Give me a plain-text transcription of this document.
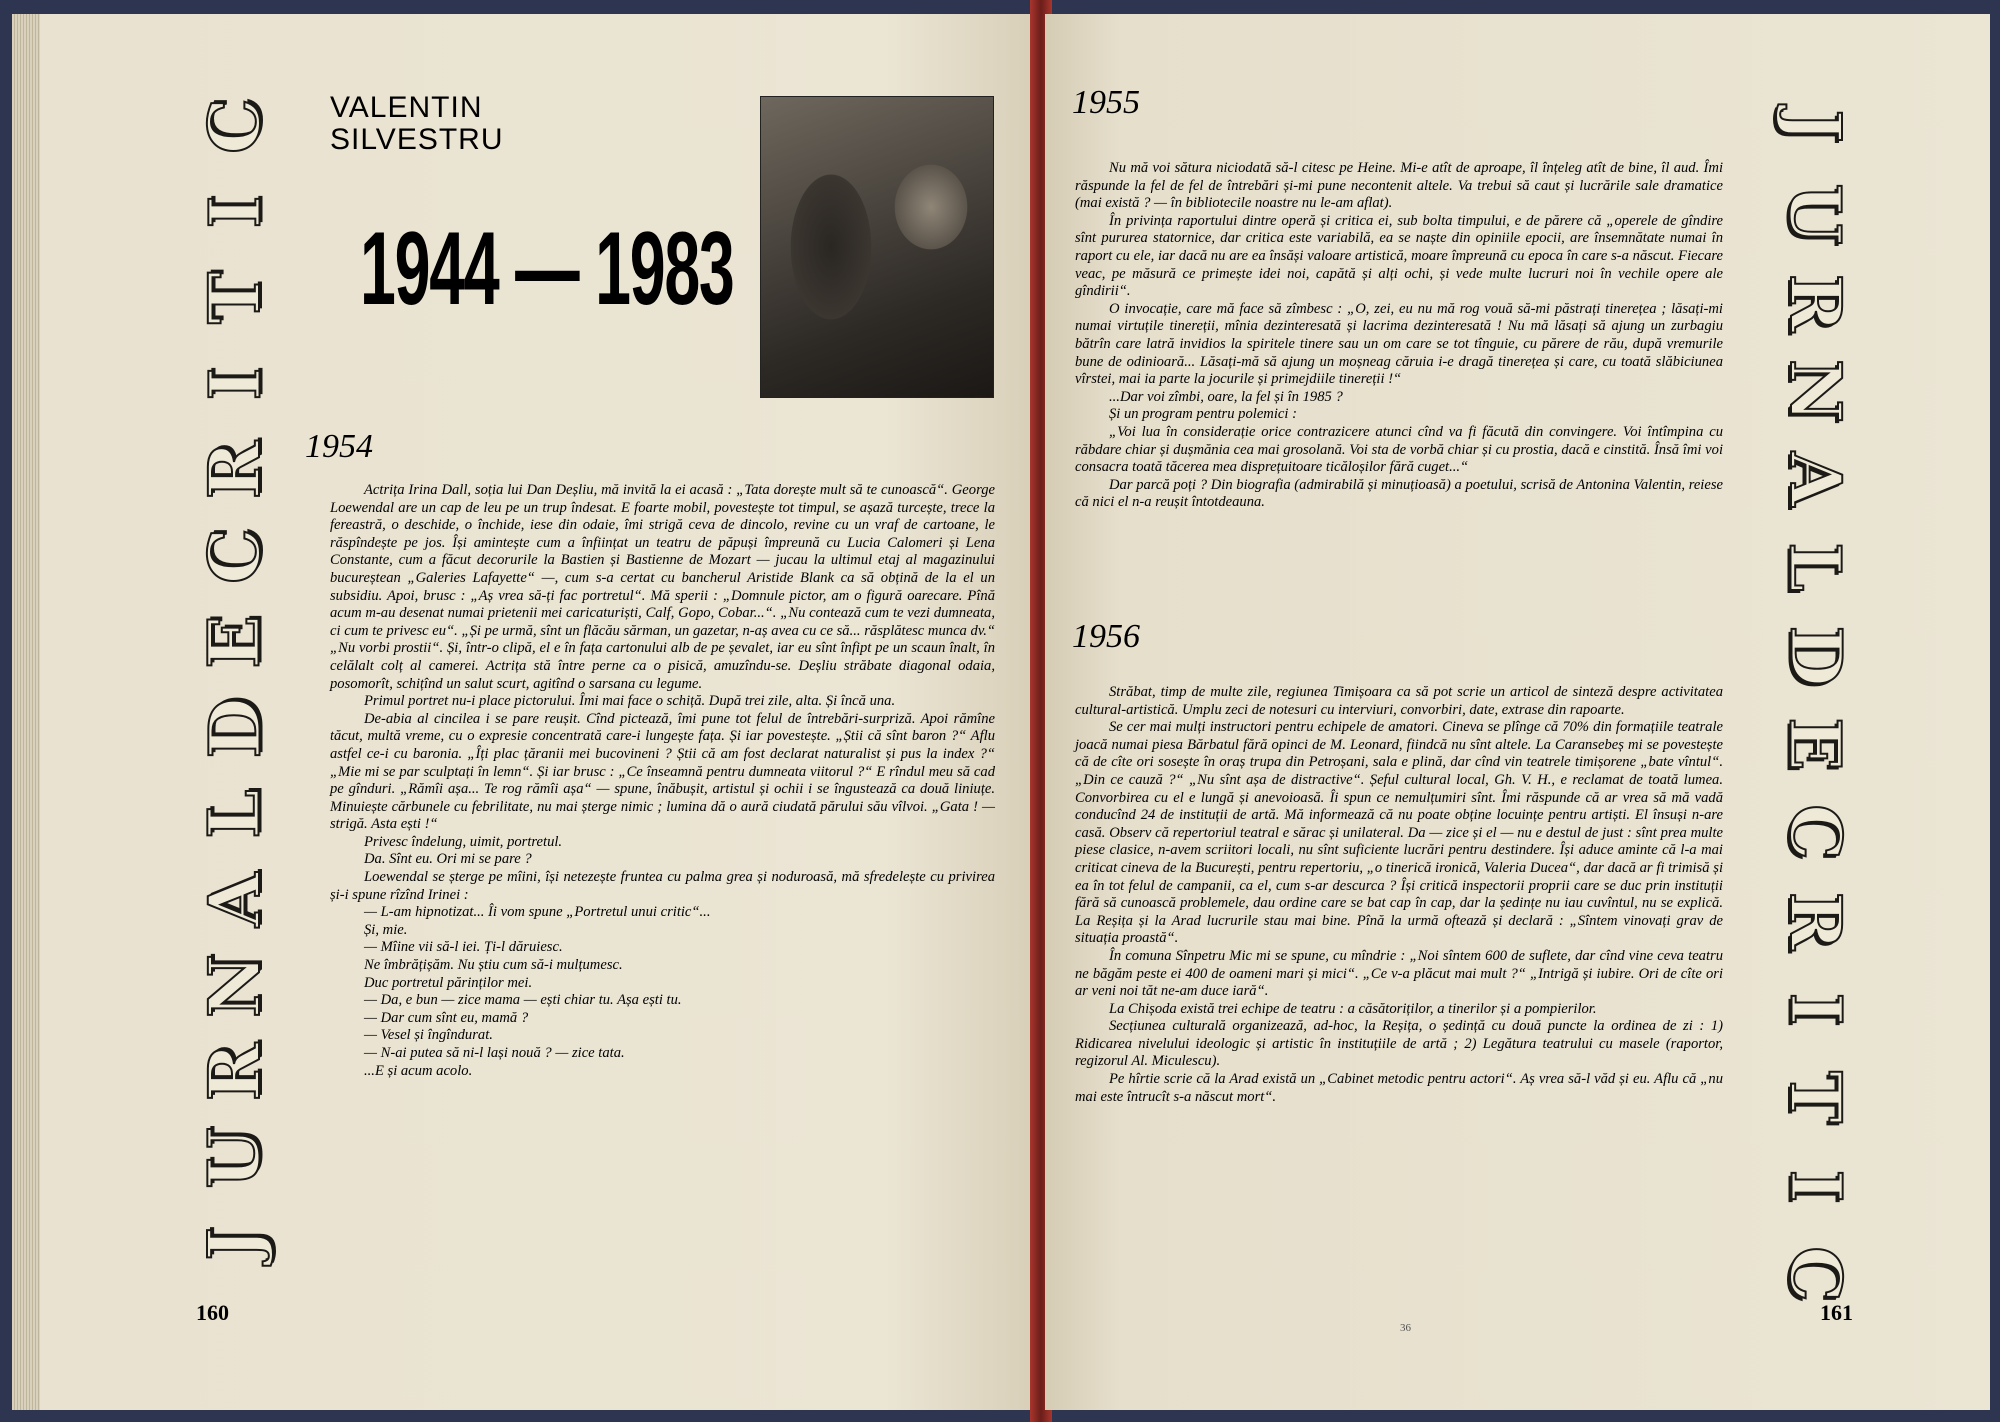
C
I
T
I
R
C
E
D
L
A
N
R
U
J
VALENTIN
SILVESTRU
1944 — 1983
1954

Actrița Irina Dall, soția lui Dan Deșliu, mă invită la ei acasă : „Tata dorește mult să te cunoască“. George Loewendal are un cap de leu pe un trup îndesat. E foarte mobil, povestește tot timpul, se așază turcește, trece la fereastră, o deschide, o închide, iese din odaie, îmi strigă ceva de dincolo, revine cu un vraf de cartoane, le răspîndește pe jos. Își amintește cum a înființat un teatru de păpuși împreună cu Lucia Calomeri și Lena Constante, cum a făcut decorurile la Bastien și Bastienne de Mozart — jucau la ultimul etaj al magazinului bucureștean „Galeries Lafayette“ —, cum s-a certat cu bancherul Aristide Blank ca să obțină de la el un subsidiu. Apoi, brusc : „Aș vrea să-ți fac portretul“. Mă sperii : „Domnule pictor, am o figură oarecare. Pînă acum m-au desenat numai prietenii mei caricaturiști, Calf, Gopo, Cobar...“. „Nu contează cum te vezi dumneata, ci cum te privesc eu“. „Și pe urmă, sînt un flăcău sărman, un gazetar, n-aș avea cu ce să... răsplătesc munca dv.“ „Nu vorbi prostii“. Și, într-o clipă, el e în fața cartonului alb de pe șevalet, iar eu sînt înfipt pe un scaun înalt, în celălalt colț al camerei. Actrița stă între perne ca o pisică, amuzîndu-se. Deșliu străbate diagonal odaia, posomorît, schițînd un salut scurt, agitînd o sarsana cu legume.

Primul portret nu-i place pictorului. Îmi mai face o schiță. După trei zile, alta. Și încă una.

De-abia al cincilea i se pare reușit. Cînd pictează, îmi pune tot felul de întrebări-surpriză. Apoi rămîne tăcut, multă vreme, cu o expresie concentrată care-i lungește fața. Și iar povestește. „Știi că sînt baron ?“ Aflu astfel ce-i cu baronia. „Îți plac țăranii mei bucovineni ? Știi că am fost declarat naturalist și pus la index ?“ „Mie mi se par sculptați în lemn“. Și iar brusc : „Ce înseamnă pentru dumneata viitorul ?“ E rîndul meu să cad pe gînduri. „Rămîi așa... Te rog rămîi așa“ — spune, înăbușit, artistul și ochii i se îngustează ca două liniuțe. Minuiește cărbunele cu febrilitate, nu mai șterge nimic ; lumina dă o aură ciudată părului său vîlvoi. „Gata ! — strigă. Asta ești !“

Privesc îndelung, uimit, portretul.

Da. Sînt eu. Ori mi se pare ?

Loewendal se șterge pe mîini, își netezește fruntea cu palma grea și noduroasă, mă sfredelește cu privirea și-i spune rîzînd Irinei :

— L-am hipnotizat... Îi vom spune „Portretul unui critic“...

Și, mie.

— Mîine vii să-l iei. Ți-l dăruiesc.

Ne îmbrățișăm. Nu știu cum să-i mulțumesc.

Duc portretul părinților mei.

— Da, e bun — zice mama — ești chiar tu. Așa ești tu.

— Dar cum sînt eu, mamă ?

— Vesel și îngîndurat.

— N-ai putea să ni-l lași nouă ? — zice tata.

...E și acum acolo.

160
1955

Nu mă voi sătura niciodată să-l citesc pe Heine. Mi-e atît de aproape, îl înțeleg atît de bine, îl aud. Îmi răspunde la fel de fel de întrebări și-mi pune necontenit altele. Va trebui să caut și lucrările sale dramatice (mai există ? — în bibliotecile noastre nu le-am aflat).

În privința raportului dintre operă și critica ei, sub bolta timpului, e de părere că „operele de gîndire sînt pururea statornice, dar critica este variabilă, ea se naște din opiniile epocii, are însemnătate numai în raport cu ele, iar dacă nu are ea însăși valoare artistică, moare împreună cu epoca în care s-a născut. Fiecare veac, pe măsură ce primește idei noi, capătă și alți ochi, și vede multe lucruri noi în vechile opere ale gîndirii“.

O invocație, care mă face să zîmbesc : „O, zei, eu nu mă rog vouă să-mi păstrați tinerețea ; lăsați-mi numai virtuțile tinereții, mînia dezinteresată și lacrima dezinteresată ! Nu mă lăsați să ajung un zurbagiu bătrîn care latră invidios la spiritele tinere sau un om care se tot tînguie, cu părere de rău, după vremurile bune de odinioară... Lăsați-mă să ajung un moșneag căruia i-e dragă tinerețea și care, cu toată slăbiciunea vîrstei, mai ia parte la jocurile și primejdiile tinereții !“

...Dar voi zîmbi, oare, la fel și în 1985 ?

Și un program pentru polemici :

„Voi lua în considerație orice contrazicere atunci cînd va fi făcută din convingere. Voi întîmpina cu răbdare chiar și dușmănia cea mai grosolană. Voi sta de vorbă chiar și cu prostia, dacă e cinstită. Însă îmi voi consacra toată tăcerea mea disprețuitoare ticăloșilor fără cuget...“

Dar parcă poți ? Din biografia (admirabilă și minuțioasă) a poetului, scrisă de Antonina Valentin, reiese că nici el n-a reușit întotdeauna.

1956

Străbat, timp de multe zile, regiunea Timișoara ca să pot scrie un articol de sinteză despre activitatea cultural-artistică. Umplu zeci de notesuri cu interviuri, convorbiri, date, extrase din rapoarte.

Se cer mai mulți instructori pentru echipele de amatori. Cineva se plînge că 70% din formațiile teatrale joacă numai piesa Bărbatul fără opinci de M. Leonard, fiindcă nu sînt altele. La Caransebeș mi se povestește că de cîte ori sosește în oraș trupa din Petroșani, sala e plină, dar cînd vin teatrele timișorene „bate vîntul“. „Din ce cauză ?“ „Nu sînt așa de distractive“. Șeful cultural local, Gh. V. H., e reclamat de toată lumea. Convorbirea cu el e lungă și anevoioasă. Îi spun ce nemulțumiri sînt. Îmi răspunde că ar vrea să mă vadă conducînd 24 de instituții de artă. Mă informează că nu poate obține locuințe pentru artiști. El însuși n-are casă. Observ că repertoriul teatral e sărac și unilateral. Da — zice și el — nu e destul de just : sînt prea multe piese clasice, n-avem scriitori locali, nu sînt suficiente lucrări pentru destindere. Își aduce aminte că l-a mai criticat cineva de la București, pentru repertoriu, „o tinerică ironică, Valeria Ducea“, dar dacă ar fi trimisă și ea în tot felul de campanii, ca el, cum s-ar descurca ? Își critică inspectorii proprii care se duc prin instituții fără să cunoască problemele, dau ordine care se bat cap în cap, dar la ședințe nu iau cuvîntul, nu se explică. La Reșița și la Arad lucrurile stau mai bine. Pînă la urmă oftează și declară : „Sîntem vinovați grav de situația proastă“.

În comuna Sînpetru Mic mi se spune, cu mîndrie : „Noi sîntem 600 de suflete, dar cînd vine ceva teatru ne băgăm peste ei 400 de oameni mari și mici“. „Ce v-a plăcut mai mult ?“ „Intrigă și iubire. Ori de cîte ori ar veni noi tăt ne-am duce iară“.

La Chișoda există trei echipe de teatru : a căsătoriților, a tinerilor și a pompierilor.

Secțiunea culturală organizează, ad-hoc, la Reșița, o ședință cu două puncte la ordinea de zi : 1) Ridicarea nivelului ideologic și artistic în instituțiile de artă ; 2) Legătura teatrului cu masele (raportor, regizorul Al. Miculescu).

Pe hîrtie scrie că la Arad există un „Cabinet metodic pentru actori“. Aș vrea să-l văd și eu. Aflu că „nu mai este întrucît s-a născut mort“.

J
U
R
N
A
L
D
E
C
R
I
T
I
C
161
36
